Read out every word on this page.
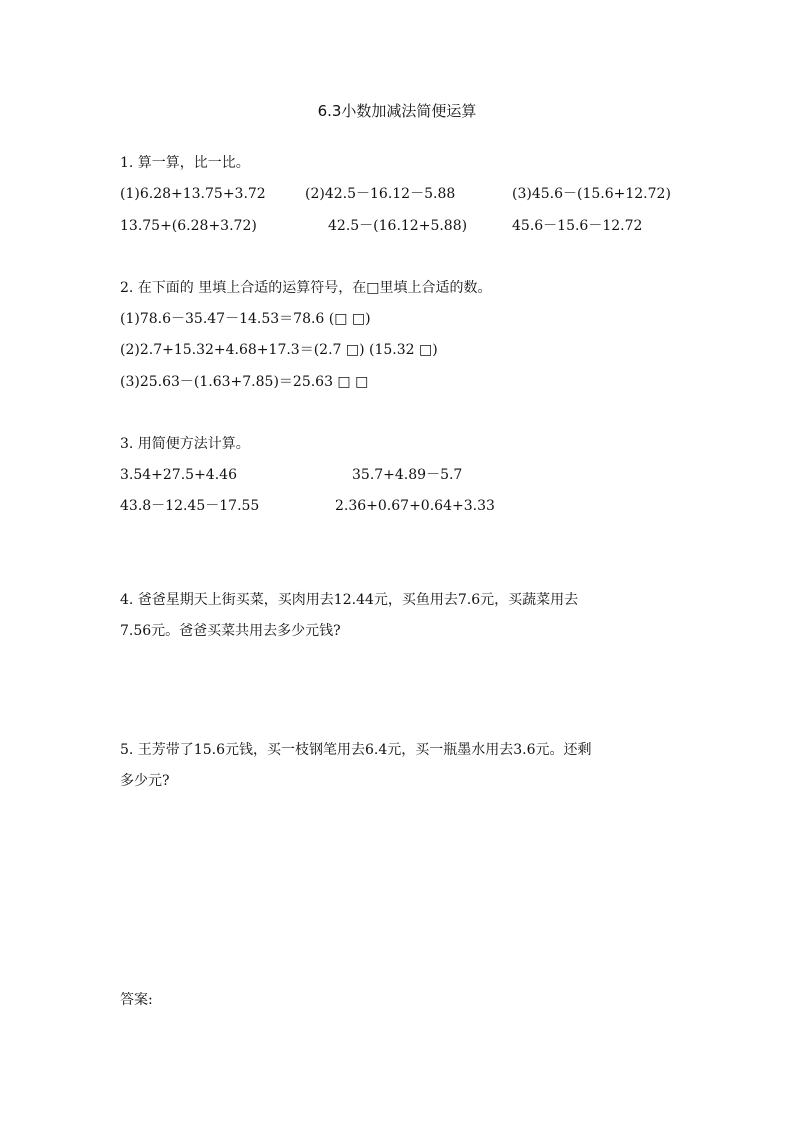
6.3小数加减法简便运算
1. 算一算，比一比。
(1)6.28+13.75+3.72	(2)42.5－16.12－5.88	(3)45.6－(15.6+12.72)
13.75+(6.28+3.72)	42.5－(16.12+5.88)	45.6－15.6－12.72
2. 在下面的 里填上合适的运算符号，在□里填上合适的数。
(1)78.6－35.47－14.53＝78.6 (□ □)
(2)2.7+15.32+4.68+17.3＝(2.7 □) (15.32 □)
(3)25.63－(1.63+7.85)＝25.63 □ □
3. 用简便方法计算。
3.54+27.5+4.46	35.7+4.89－5.7
43.8－12.45－17.55	2.36+0.67+0.64+3.33
4. 爸爸星期天上街买菜，买肉用去12.44元，买鱼用去7.6元，买蔬菜用去
7.56元。爸爸买菜共用去多少元钱?
5. 王芳带了15.6元钱，买一枝钢笔用去6.4元，买一瓶墨水用去3.6元。还剩
多少元?
答案:
